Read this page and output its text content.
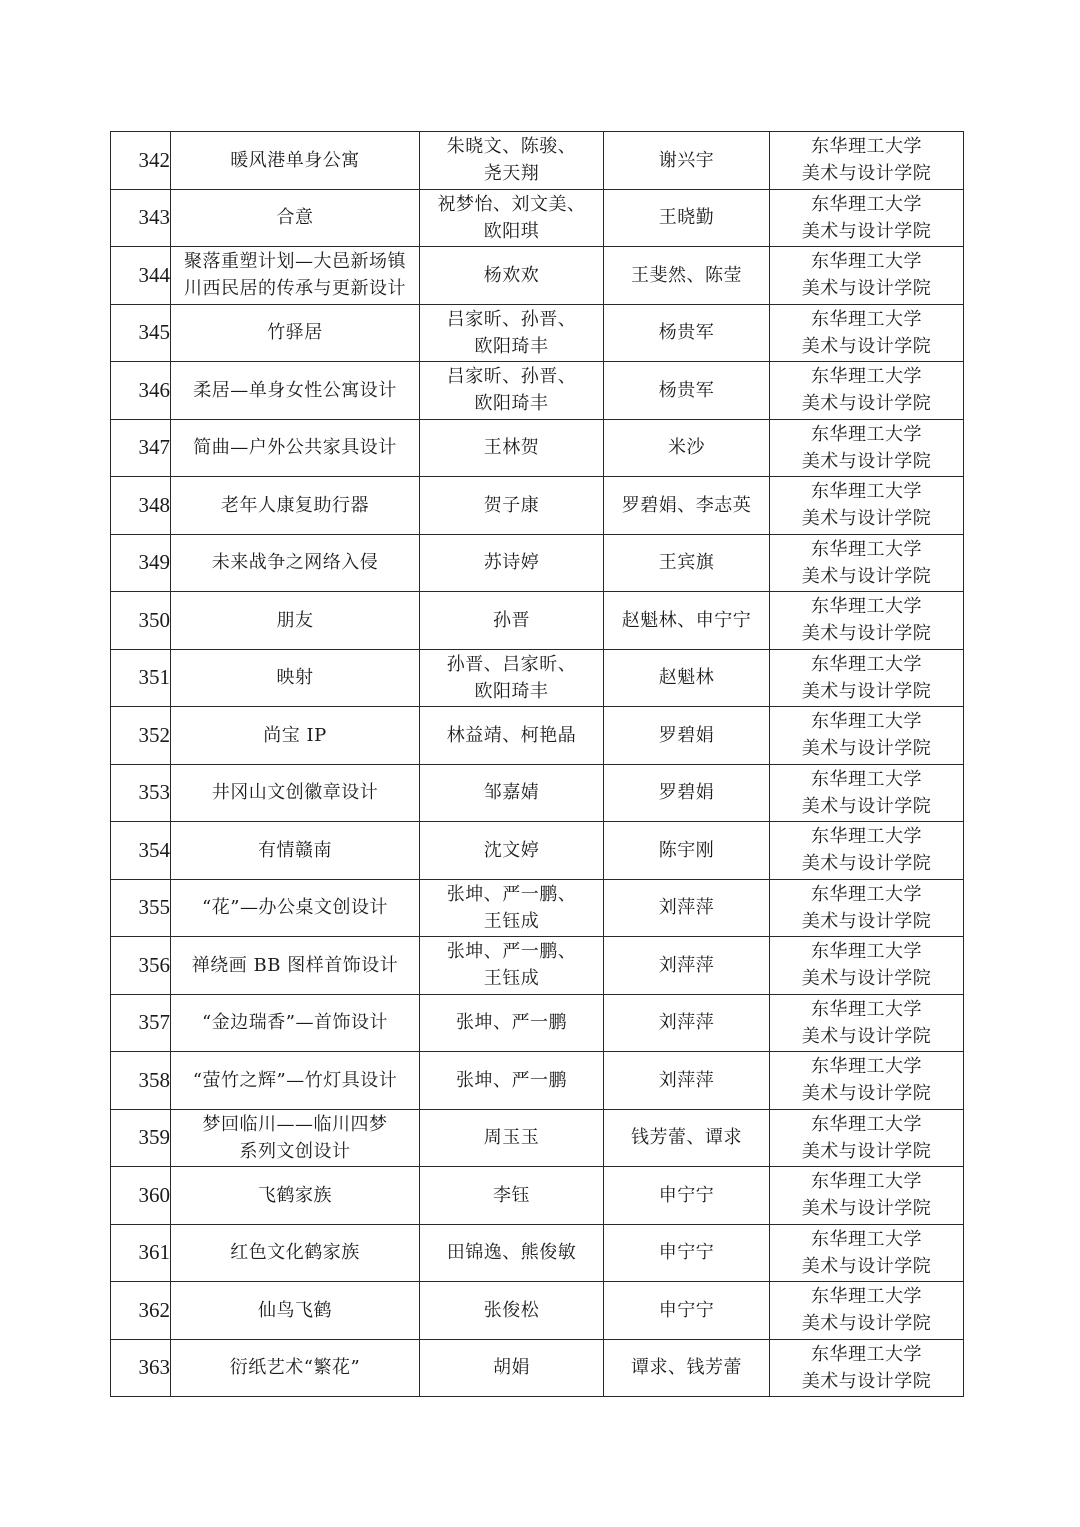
342	暖风港单身公寓	朱晓文、陈骏、
尧天翔	谢兴宇	东华理工大学
美术与设计学院

343	合意	祝梦怡、刘文美、
欧阳琪	王晓勤	东华理工大学
美术与设计学院

344	聚落重塑计划—大邑新场镇
川西民居的传承与更新设计	杨欢欢	王斐然、陈莹	东华理工大学
美术与设计学院

345	竹驿居	吕家昕、孙晋、
欧阳琦丰	杨贵军	东华理工大学
美术与设计学院

346	柔居—单身女性公寓设计	吕家昕、孙晋、
欧阳琦丰	杨贵军	东华理工大学
美术与设计学院

347	简曲—户外公共家具设计	王林贺	米沙	东华理工大学
美术与设计学院

348	老年人康复助行器	贺子康	罗碧娟、李志英	东华理工大学
美术与设计学院

349	未来战争之网络入侵	苏诗婷	王宾旗	东华理工大学
美术与设计学院

350	朋友	孙晋	赵魁林、申宁宁	东华理工大学
美术与设计学院

351	映射	孙晋、吕家昕、
欧阳琦丰	赵魁林	东华理工大学
美术与设计学院

352	尚宝 IP	林益靖、柯艳晶	罗碧娟	东华理工大学
美术与设计学院

353	井冈山文创徽章设计	邹嘉婧	罗碧娟	东华理工大学
美术与设计学院

354	有情赣南	沈文婷	陈宇刚	东华理工大学
美术与设计学院

355	“花”—办公桌文创设计	张坤、严一鹏、
王钰成	刘萍萍	东华理工大学
美术与设计学院

356	禅绕画 BB 图样首饰设计	张坤、严一鹏、
王钰成	刘萍萍	东华理工大学
美术与设计学院

357	“金边瑞香”—首饰设计	张坤、严一鹏	刘萍萍	东华理工大学
美术与设计学院

358	“萤竹之辉”—竹灯具设计	张坤、严一鹏	刘萍萍	东华理工大学
美术与设计学院

359	梦回临川——临川四梦
系列文创设计	周玉玉	钱芳蕾、谭求	东华理工大学
美术与设计学院

360	飞鹤家族	李钰	申宁宁	东华理工大学
美术与设计学院

361	红色文化鹤家族	田锦逸、熊俊敏	申宁宁	东华理工大学
美术与设计学院

362	仙鸟飞鹤	张俊松	申宁宁	东华理工大学
美术与设计学院

363	衍纸艺术“繁花”	胡娟	谭求、钱芳蕾	东华理工大学
美术与设计学院
